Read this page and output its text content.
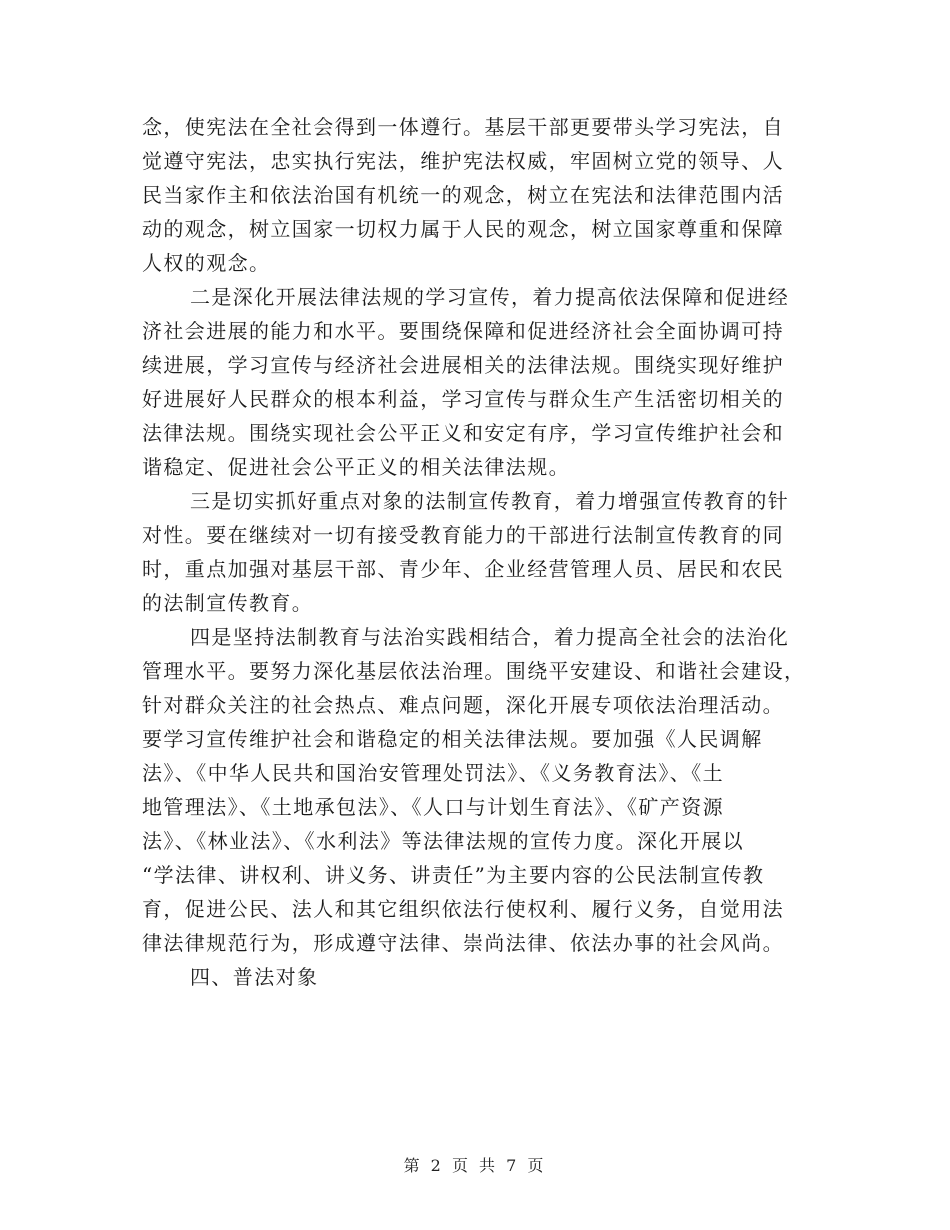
念，使宪法在全社会得到一体遵行。基层干部更要带头学习宪法，自
觉遵守宪法，忠实执行宪法，维护宪法权威，牢固树立党的领导、人
民当家作主和依法治国有机统一的观念，树立在宪法和法律范围内活
动的观念，树立国家一切权力属于人民的观念，树立国家尊重和保障
人权的观念。
二是深化开展法律法规的学习宣传，着力提高依法保障和促进经
济社会进展的能力和水平。要围绕保障和促进经济社会全面协调可持
续进展，学习宣传与经济社会进展相关的法律法规。围绕实现好维护
好进展好人民群众的根本利益，学习宣传与群众生产生活密切相关的
法律法规。围绕实现社会公平正义和安定有序，学习宣传维护社会和
谐稳定、促进社会公平正义的相关法律法规。
三是切实抓好重点对象的法制宣传教育，着力增强宣传教育的针
对性。要在继续对一切有接受教育能力的干部进行法制宣传教育的同
时，重点加强对基层干部、青少年、企业经营管理人员、居民和农民
的法制宣传教育。
四是坚持法制教育与法治实践相结合，着力提高全社会的法治化
管理水平。要努力深化基层依法治理。围绕平安建设、和谐社会建设，
针对群众关注的社会热点、难点问题，深化开展专项依法治理活动。
要学习宣传维护社会和谐稳定的相关法律法规。要加强《人民调解
法》、《中华人民共和国治安管理处罚法》、《义务教育法》、《土
地管理法》、《土地承包法》、《人口与计划生育法》、《矿产资源
法》、《林业法》、《水利法》等法律法规的宣传力度。深化开展以
“学法律、讲权利、讲义务、讲责任”为主要内容的公民法制宣传教
育，促进公民、法人和其它组织依法行使权利、履行义务，自觉用法
律法律规范行为，形成遵守法律、崇尚法律、依法办事的社会风尚。
四、普法对象
第 2 页 共 7 页
